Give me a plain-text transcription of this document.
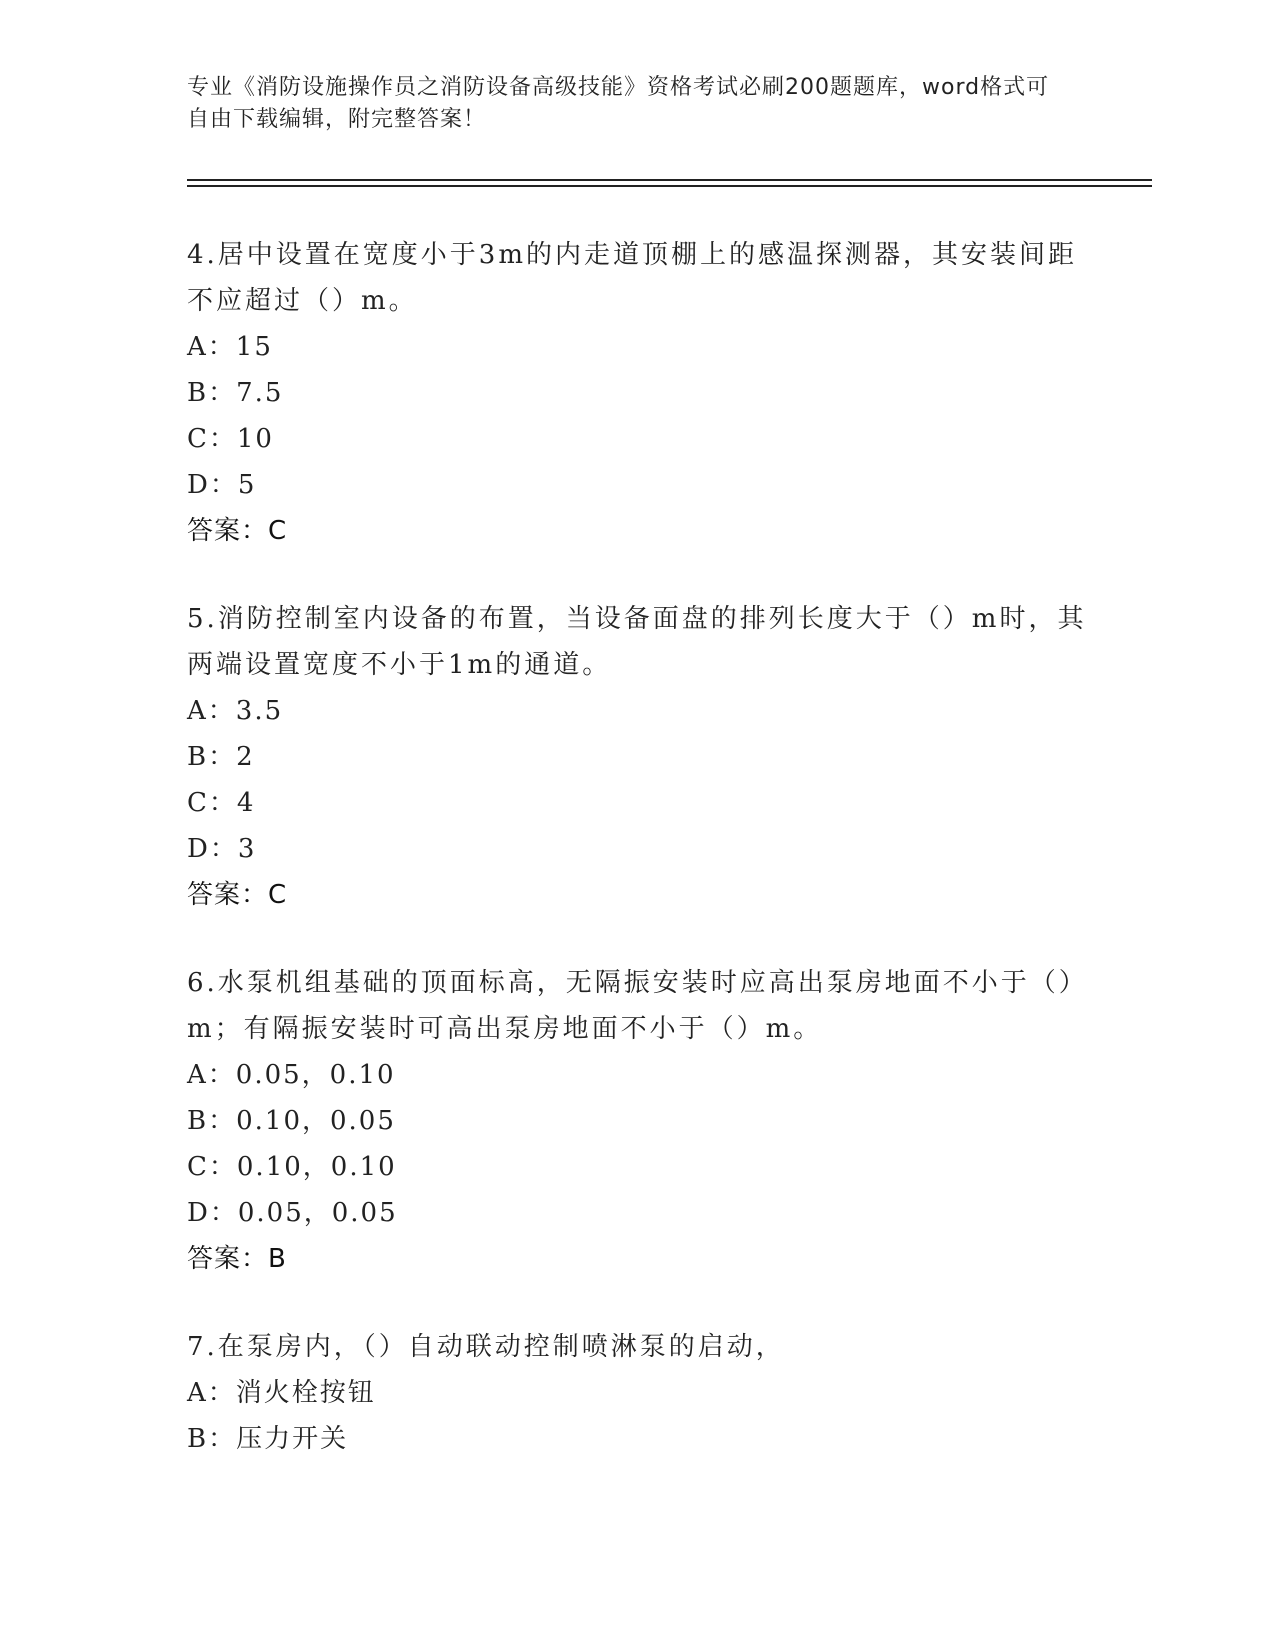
专业《消防设施操作员之消防设备高级技能》资格考试必刷200题题库，word格式可自由下载编辑，附完整答案！

4.居中设置在宽度小于3m的内走道顶棚上的感温探测器，其安装间距不应超过（）m。

A：15

B：7.5

C：10

D：5

答案：C

5.消防控制室内设备的布置，当设备面盘的排列长度大于（）m时，其两端设置宽度不小于1m的通道。

A：3.5

B：2

C：4

D：3

答案：C

6.水泵机组基础的顶面标高，无隔振安装时应高出泵房地面不小于（）m；有隔振安装时可高出泵房地面不小于（）m。

A：0.05，0.10

B：0.10，0.05

C：0.10，0.10

D：0.05，0.05

答案：B

7.在泵房内，（）自动联动控制喷淋泵的启动，

A：消火栓按钮

B：压力开关
